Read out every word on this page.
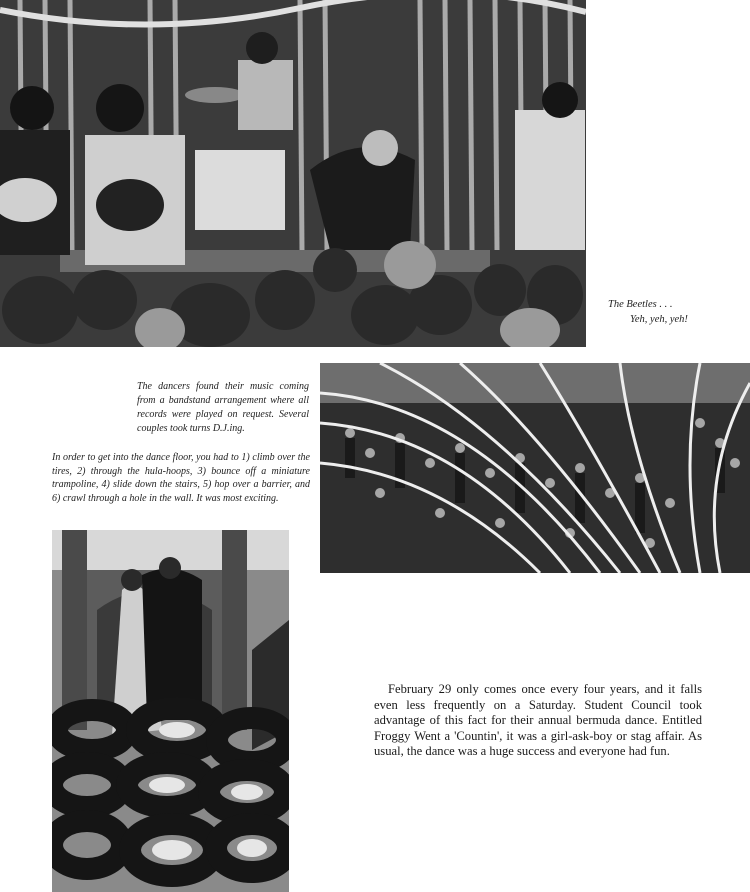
The Beetles . . .
Yeh, yeh, yeh!
The dancers found their music coming from a bandstand arrangement where all records were played on request. Several couples took turns D.J.ing.
In order to get into the dance floor, you had to 1) climb over the tires, 2) through the hula-hoops, 3) bounce off a miniature trampoline, 4) slide down the stairs, 5) hop over a barrier, and 6) crawl through a hole in the wall. It was most exciting.
February 29 only comes once every four years, and it falls even less frequently on a Saturday. Student Council took advantage of this fact for their annual bermuda dance. Entitled Froggy Went a 'Countin', it was a girl-ask-boy or stag affair. As usual, the dance was a huge success and everyone had fun.
